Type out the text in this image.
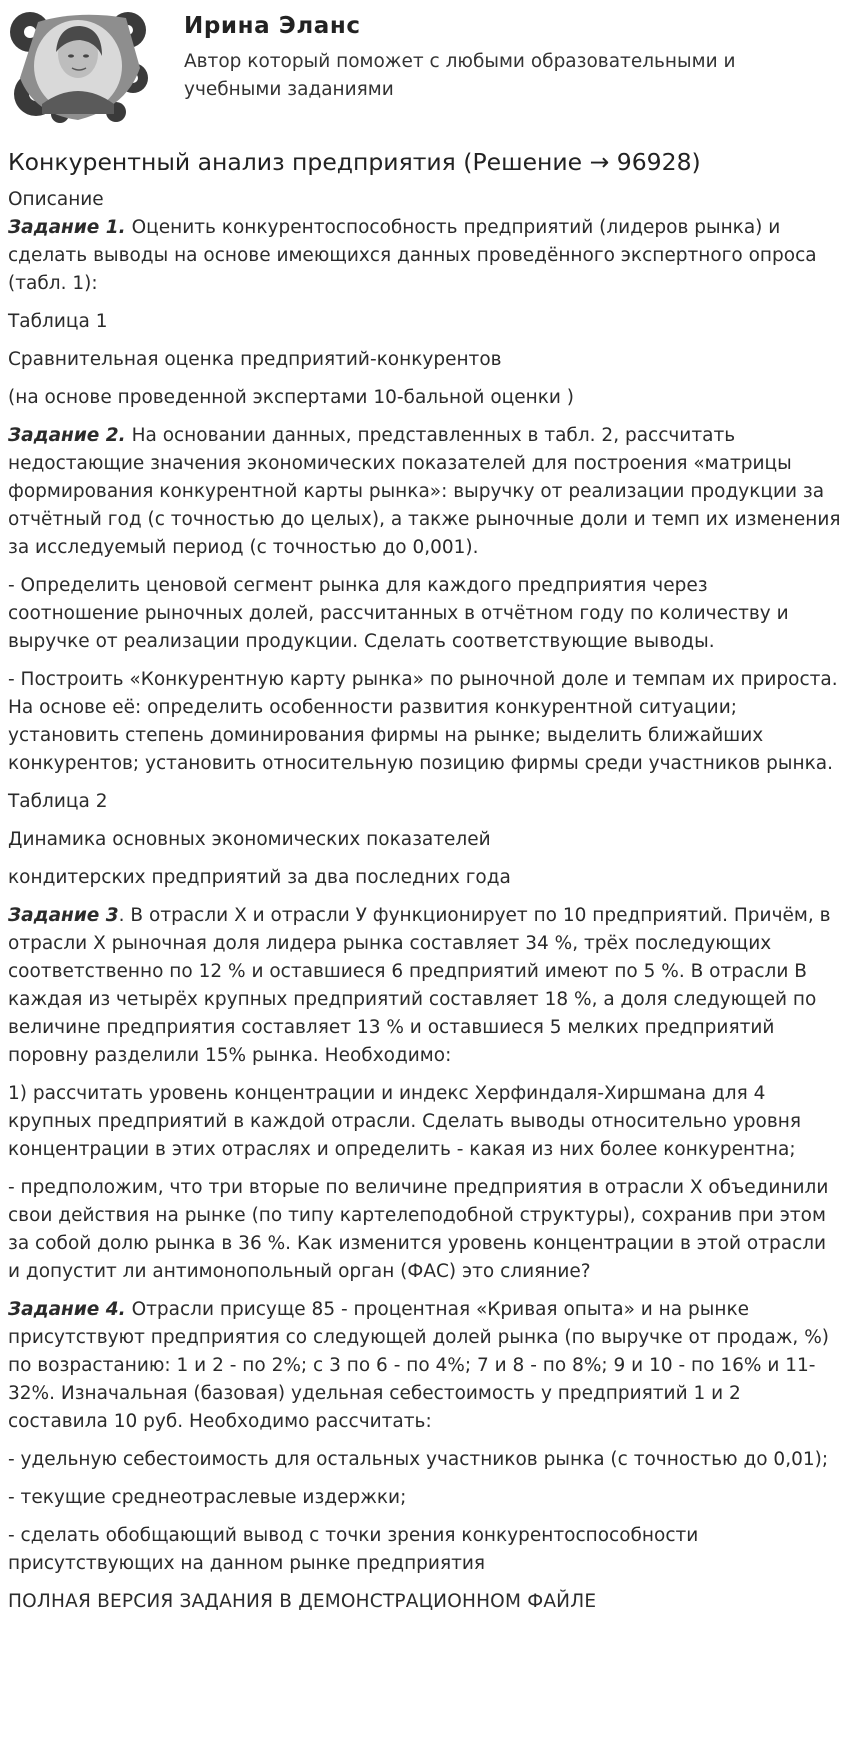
Ирина Эланс
Автор который поможет с любыми образовательными и учебными заданиями
Конкурентный анализ предприятия (Решение → 96928)
Описание

Задание 1. Оценить конкурентоспособность предприятий (лидеров рынка) и сделать выводы на основе имеющихся данных проведённого экспертного опроса (табл. 1):

Таблица 1

Сравнительная оценка предприятий-конкурентов

(на основе проведенной экспертами 10-бальной оценки )

Задание 2. На основании данных, представленных в табл. 2, рассчитать недостающие значения экономических показателей для построения «матрицы формирования конкурентной карты рынка»: выручку от реализации продукции за отчётный год (с точностью до целых), а также рыночные доли и темп их изменения за исследуемый период (с точностью до 0,001).

- Определить ценовой сегмент рынка для каждого предприятия через соотношение рыночных долей, рассчитанных в отчётном году по количеству и выручке от реализации продукции. Сделать соответствующие выводы.

- Построить «Конкурентную карту рынка» по рыночной доле и темпам их прироста. На основе её: определить особенности развития конкурентной ситуации; установить степень доминирования фирмы на рынке; выделить ближайших конкурентов; установить относительную позицию фирмы среди участников рынка.

Таблица 2

Динамика основных экономических показателей

кондитерских предприятий за два последних года

Задание 3. В отрасли Х и отрасли У функционирует по 10 предприятий. Причём, в отрасли Х рыночная доля лидера рынка составляет 34 %, трёх последующих соответственно по 12 % и оставшиеся 6 предприятий имеют по 5 %. В отрасли В каждая из четырёх крупных предприятий составляет 18 %, а доля следующей по величине предприятия составляет 13 % и оставшиеся 5 мелких предприятий поровну разделили 15% рынка. Необходимо:

1) рассчитать уровень концентрации и индекс Херфиндаля-Хиршмана для 4 крупных предприятий в каждой отрасли. Сделать выводы относительно уровня концентрации в этих отраслях и определить - какая из них более конкурентна;

- предположим, что три вторые по величине предприятия в отрасли Х объединили свои действия на рынке (по типу картелеподобной структуры), сохранив при этом за собой долю рынка в 36 %. Как изменится уровень концентрации в этой отрасли и допустит ли антимонопольный орган (ФАС) это слияние?

Задание 4. Отрасли присуще 85 - процентная «Кривая опыта» и на рынке присутствуют предприятия со следующей долей рынка (по выручке от продаж, %) по возрастанию: 1 и 2 - по 2%; с 3 по 6 - по 4%; 7 и 8 - по 8%; 9 и 10 - по 16% и 11- 32%. Изначальная (базовая) удельная себестоимость у предприятий 1 и 2 составила 10 руб. Необходимо рассчитать:

- удельную себестоимость для остальных участников рынка (с точностью до 0,01);

- текущие среднеотраслевые издержки;

- сделать обобщающий вывод с точки зрения конкурентоспособности присутствующих на данном рынке предприятия

ПОЛНАЯ ВЕРСИЯ ЗАДАНИЯ В ДЕМОНСТРАЦИОННОМ ФАЙЛЕ
